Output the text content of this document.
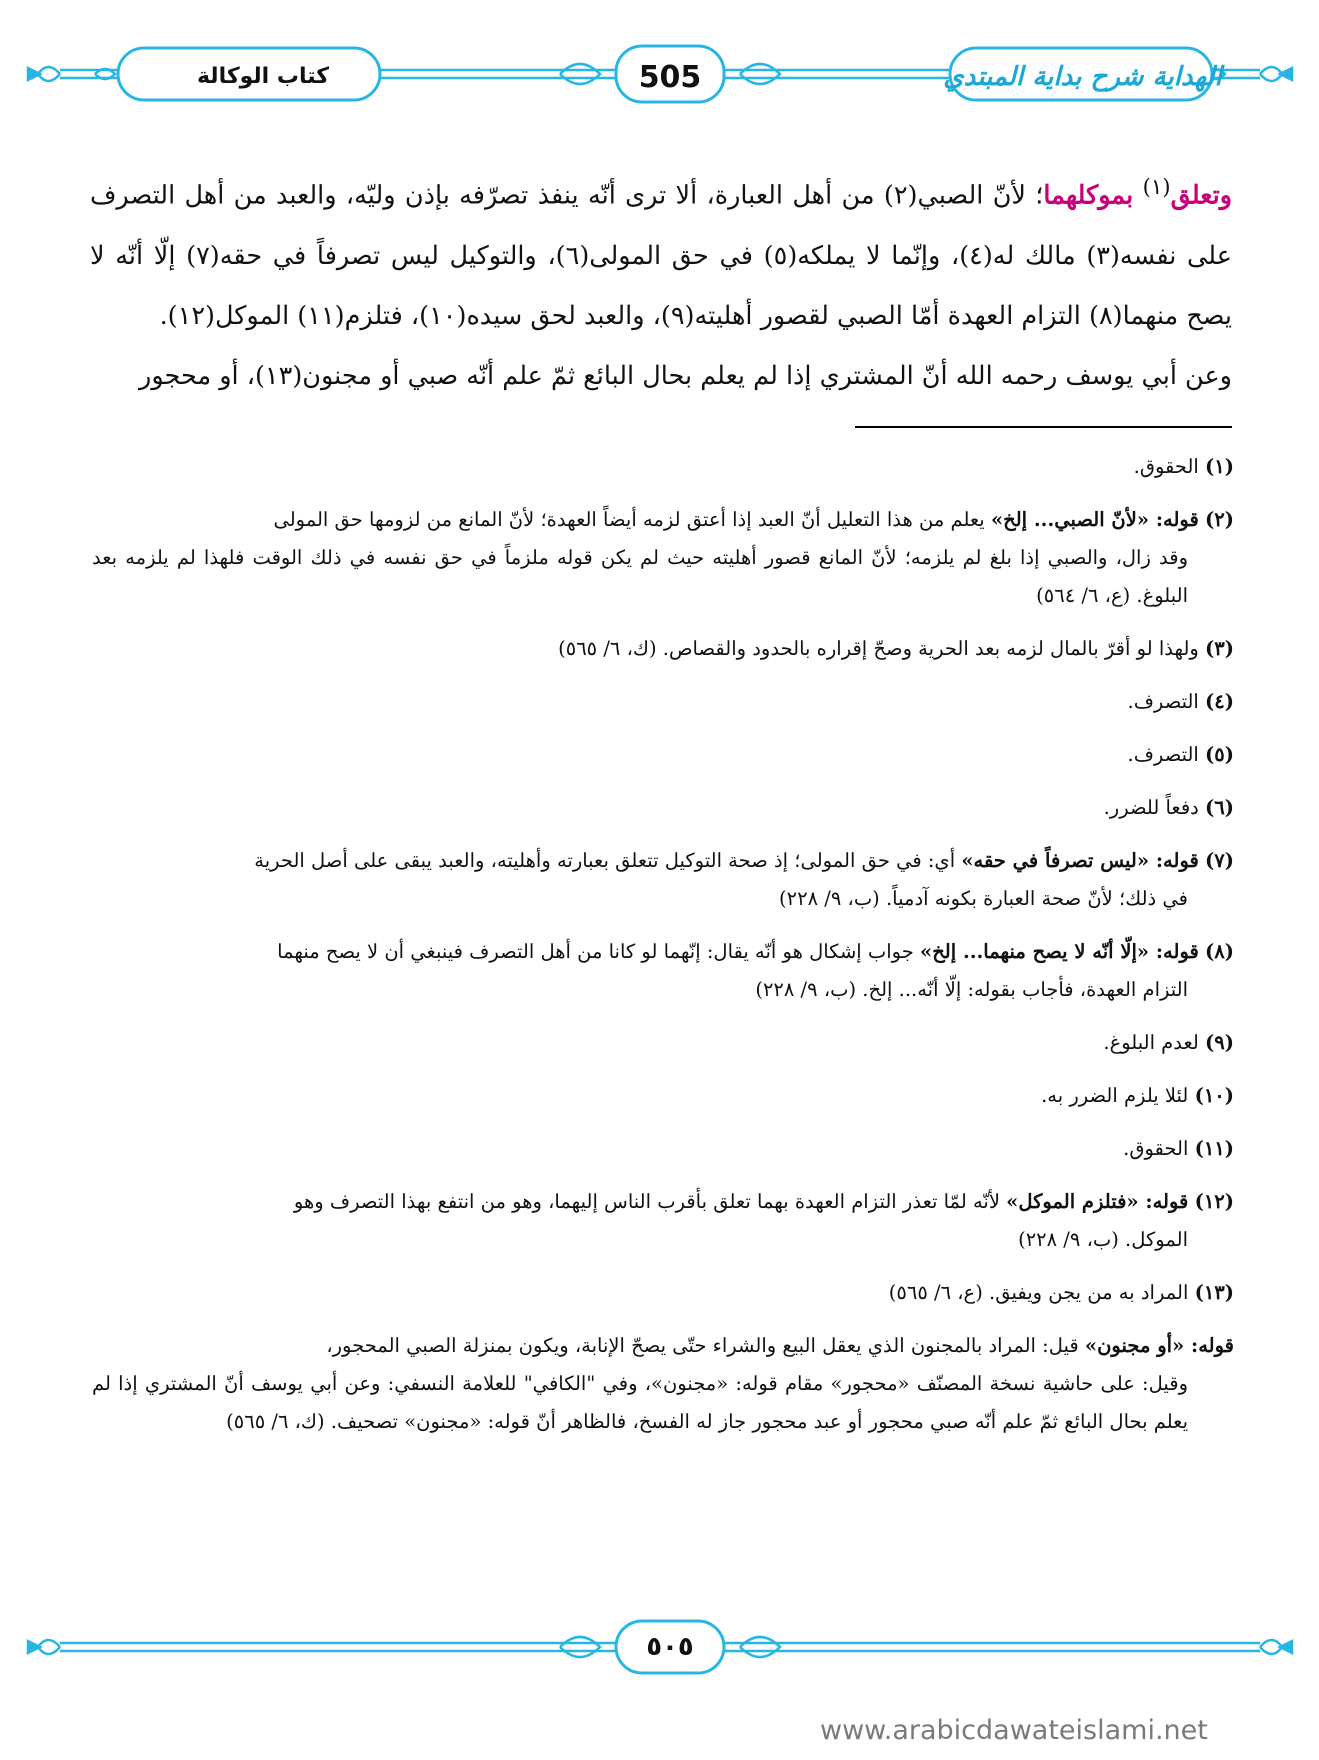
كتاب الوكالة	505	الهداية شرح بداية المبتدي

وتعلق$^{(١)}$ بموكلهما؛ لأنّ الصبي(٢) من أهل العبارة، ألا ترى أنّه ينفذ تصرّفه بإذن وليّه، والعبد من أهل التصرف على نفسه(٣) مالك له(٤)، وإنّما لا يملكه(٥) في حق المولى(٦)، والتوكيل ليس تصرفاً في حقه(٧) إلّا أنّه لا يصح منهما(٨) التزام العهدة أمّا الصبي لقصور أهليته(٩)، والعبد لحق سيده(١٠)، فتلزم(١١) الموكل(١٢).

وعن أبي يوسف رحمه الله أنّ المشتري إذا لم يعلم بحال البائع ثمّ علم أنّه صبي أو مجنون(١٣)، أو محجور

(١) الحقوق.

(٢) قوله: «لأنّ الصبي... إلخ» يعلم من هذا التعليل أنّ العبد إذا أعتق لزمه أيضاً العهدة؛ لأنّ المانع من لزومها حق المولى
وقد زال، والصبي إذا بلغ لم يلزمه؛ لأنّ المانع قصور أهليته حيث لم يكن قوله ملزماً في حق نفسه في ذلك الوقت فلهذا لم يلزمه بعد البلوغ. (ع، ٦/ ٥٦٤)

(٣) ولهذا لو أقرّ بالمال لزمه بعد الحرية وصحّ إقراره بالحدود والقصاص. (ك، ٦/ ٥٦٥)

(٤) التصرف.

(٥) التصرف.

(٦) دفعاً للضرر.

(٧) قوله: «ليس تصرفاً في حقه» أي: في حق المولى؛ إذ صحة التوكيل تتعلق بعبارته وأهليته، والعبد يبقى على أصل الحرية
في ذلك؛ لأنّ صحة العبارة بكونه آدمياً. (ب، ٩/ ٢٢٨)

(٨) قوله: «إلّا أنّه لا يصح منهما... إلخ» جواب إشكال هو أنّه يقال: إنّهما لو كانا من أهل التصرف فينبغي أن لا يصح منهما
التزام العهدة، فأجاب بقوله: إلّا أنّه... إلخ. (ب، ٩/ ٢٢٨)

(٩) لعدم البلوغ.

(١٠) لئلا يلزم الضرر به.

(١١) الحقوق.

(١٢) قوله: «فتلزم الموكل» لأنّه لمّا تعذر التزام العهدة بهما تعلق بأقرب الناس إليهما، وهو من انتفع بهذا التصرف وهو
الموكل. (ب، ٩/ ٢٢٨)

(١٣) المراد به من يجن ويفيق. (ع، ٦/ ٥٦٥)

قوله: «أو مجنون» قيل: المراد بالمجنون الذي يعقل البيع والشراء حتّى يصحّ الإنابة، ويكون بمنزلة الصبي المحجور،
وقيل: على حاشية نسخة المصنّف «محجور» مقام قوله: «مجنون»، وفي "الكافي" للعلامة النسفي: وعن أبي يوسف أنّ المشتري إذا لم يعلم بحال البائع ثمّ علم أنّه صبي محجور أو عبد محجور جاز له الفسخ، فالظاهر أنّ قوله: «مجنون» تصحيف. (ك، ٦/ ٥٦٥)

٥٠٥
www.arabicdawateislami.net
